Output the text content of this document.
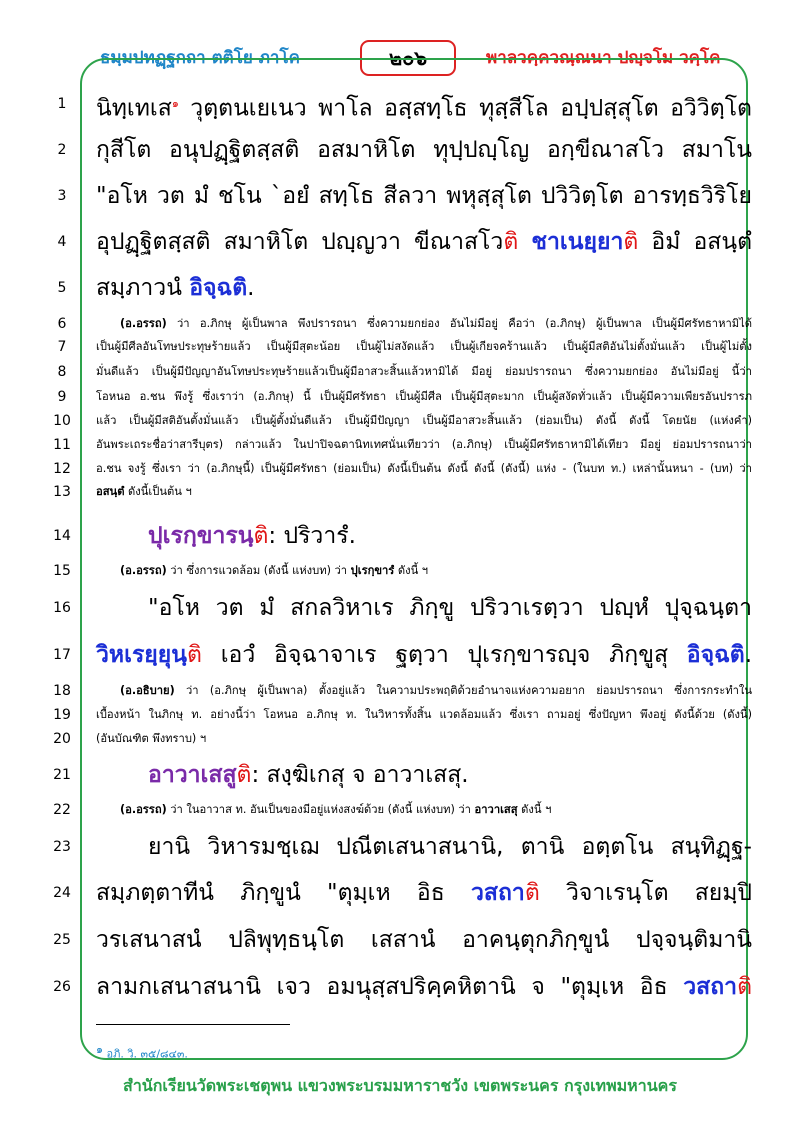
ธมฺมปทฏฺฐกถา ตติโย ภาโค	๒๐๖	พาลวคฺควณฺณนา ปญฺจโม วคฺโค
1	นิทฺเทเส$^๑$ วุตฺตนเยเนว พาโล อสฺสทฺโธ ทุสฺสีโล อปฺปสฺสุโต อวิวิตฺโต
2	กุสีโต อนุปฏฺฐิตสฺสติ อสมาหิโต ทุปฺปญฺโญ อกฺขีณาสโว สมาโน
3	"อโห วต มํ ชโน `อยํ สทฺโธ สีลวา พหุสฺสุโต ปวิวิตฺโต อารทฺธวิริโย
4	อุปฏฺฐิตสฺสติ สมาหิโต ปญฺญวา ขีณาสโวติ ชาเนยฺยาติ อิมํ อสนฺตํ
5	สมฺภาวนํ อิจฺฉติ.
6	(อ.อรรถ) ว่า อ.ภิกษุ ผู้เป็นพาล พึงปรารถนา ซึ่งความยกย่อง อันไม่มีอยู่ คือว่า (อ.ภิกษุ) ผู้เป็นพาล เป็นผู้มีศรัทธาหามิได้
7	เป็นผู้มีศีลอันโทษประทุษร้ายแล้ว เป็นผู้มีสุตะน้อย เป็นผู้ไม่สงัดแล้ว เป็นผู้เกียจคร้านแล้ว เป็นผู้มีสติอันไม่ตั้งมั่นแล้ว เป็นผู้ไม่ตั้ง
8	มั่นดีแล้ว เป็นผู้มีปัญญาอันโทษประทุษร้ายแล้วเป็นผู้มีอาสวะสิ้นแล้วหามิได้ มีอยู่ ย่อมปรารถนา ซึ่งความยกย่อง อันไม่มีอยู่ นี้ว่า
9	โอหนอ อ.ชน พึงรู้ ซึ่งเราว่า (อ.ภิกษุ) นี้ เป็นผู้มีศรัทธา เป็นผู้มีศีล เป็นผู้มีสุตะมาก เป็นผู้สงัดทั่วแล้ว เป็นผู้มีความเพียรอันปรารภ
10	แล้ว เป็นผู้มีสติอันตั้งมั่นแล้ว เป็นผู้ตั้งมั่นดีแล้ว เป็นผู้มีปัญญา เป็นผู้มีอาสวะสิ้นแล้ว (ย่อมเป็น) ดังนี้ ดังนี้ โดยนัย (แห่งคำ)
11	อันพระเถระชื่อว่าสารีบุตร) กล่าวแล้ว ในปาปิจฉตานิทเทศนั่นเทียวว่า (อ.ภิกษุ) เป็นผู้มีศรัทธาหามิได้เทียว มีอยู่ ย่อมปรารถนาว่า
12	อ.ชน จงรู้ ซึ่งเรา ว่า (อ.ภิกษุนี้) เป็นผู้มีศรัทธา (ย่อมเป็น) ดังนี้เป็นต้น ดังนี้ ดังนี้ (ดังนี้) แห่ง - (ในบท ท.) เหล่านั้นหนา - (บท) ว่า
13	อสนฺตํ ดังนี้เป็นต้น ฯ
14	ปุเรกฺขารนฺติ: ปริวารํ.
15	(อ.อรรถ) ว่า ซึ่งการแวดล้อม (ดังนี้ แห่งบท) ว่า ปุเรกฺขารํ ดังนี้ ฯ
16	"อโห วต มํ สกลวิหาเร ภิกฺขู ปริวาเรตฺวา ปญฺหํ ปุจฺฉนฺตา
17	วิหเรยฺยุนฺติ เอวํ อิจฺฉาจาเร ฐตฺวา ปุเรกฺขารญฺจ ภิกฺขูสุ อิจฺฉติ.
18	(อ.อธิบาย) ว่า (อ.ภิกษุ ผู้เป็นพาล) ตั้งอยู่แล้ว ในความประพฤติด้วยอำนาจแห่งความอยาก ย่อมปรารถนา ซึ่งการกระทำใน
19	เบื้องหน้า ในภิกษุ ท. อย่างนี้ว่า โอหนอ อ.ภิกษุ ท. ในวิหารทั้งสิ้น แวดล้อมแล้ว ซึ่งเรา ถามอยู่ ซึ่งปัญหา พึงอยู่ ดังนี้ด้วย (ดังนี้)
20	(อันบัณฑิต พึงทราบ) ฯ
21	อาวาเสสูติ: สงฺฆิเกสุ จ อาวาเสสุ.
22	(อ.อรรถ) ว่า ในอาวาส ท. อันเป็นของมีอยู่แห่งสงฆ์ด้วย (ดังนี้ แห่งบท) ว่า อาวาเสสุ ดังนี้ ฯ
23	ยานิ วิหารมชฺเฌ ปณีตเสนาสนานิ, ตานิ อตฺตโน สนฺทิฏฺฐ-
24	สมฺภตฺตาทีนํ ภิกฺขูนํ "ตุมฺเห อิธ วสถาติ วิจาเรนฺโต สยมฺปิ
25	วรเสนาสนํ ปลิพุทฺธนฺโต เสสานํ อาคนฺตุกภิกฺขูนํ ปจฺจนฺติมานิ
26	ลามกเสนาสนานิ เจว อมนุสฺสปริคฺคหิตานิ จ "ตุมฺเห อิธ วสถาติ
$^๑$ อภิ. วิ. ๓๕/๘๔๓.
สำนักเรียนวัดพระเชตุพน แขวงพระบรมมหาราชวัง เขตพระนคร กรุงเทพมหานคร
